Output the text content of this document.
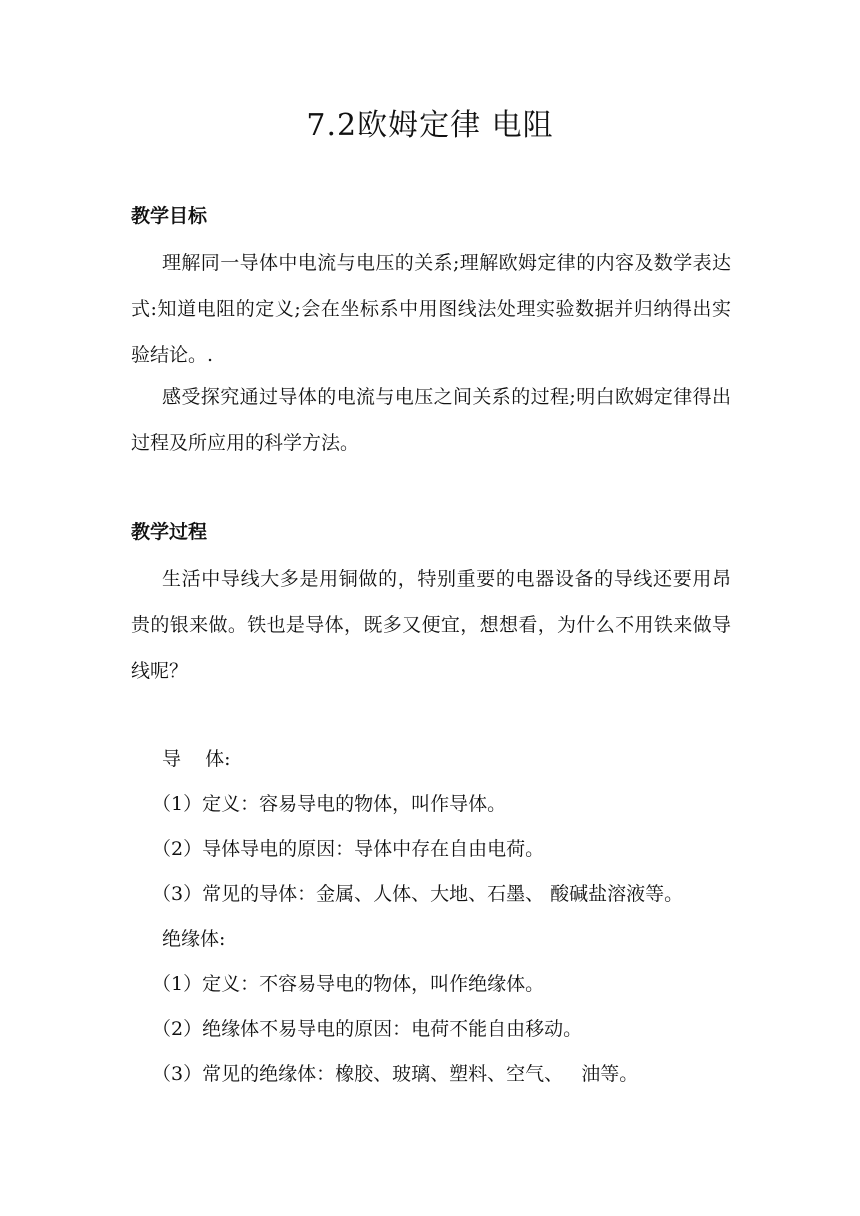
7.2欧姆定律 电阻
教学目标

理解同一导体中电流与电压的关系;理解欧姆定律的内容及数学表达式:知道电阻的定义;会在坐标系中用图线法处理实验数据并归纳得出实验结论。.

感受探究通过导体的电流与电压之间关系的过程;明白欧姆定律得出过程及所应用的科学方法。

教学过程

生活中导线大多是用铜做的，特别重要的电器设备的导线还要用昂贵的银来做。铁也是导体，既多又便宜，想想看，为什么不用铁来做导线呢？

导    体:
（1）定义：容易导电的物体，叫作导体。
（2）导体导电的原因：导体中存在自由电荷。
（3）常见的导体：金属、人体、大地、石墨、 酸碱盐溶液等。
绝缘体:
（1）定义：不容易导电的物体，叫作绝缘体。
（2）绝缘体不易导电的原因：电荷不能自由移动。
（3）常见的绝缘体：橡胶、玻璃、塑料、空气、   油等。
